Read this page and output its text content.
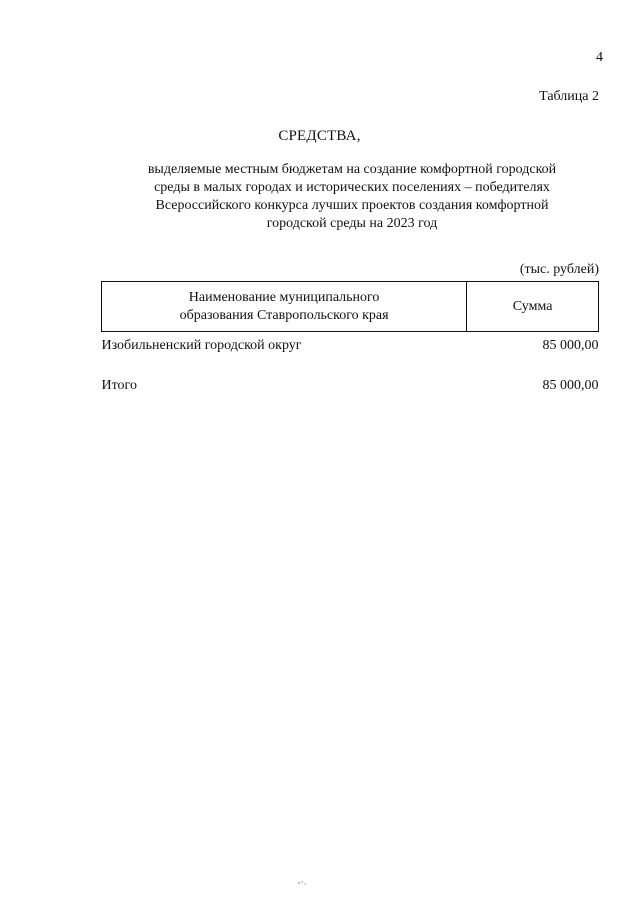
4
Таблица 2
СРЕДСТВА,
выделяемые местным бюджетам на создание комфортной городской
среды в малых городах и исторических поселениях – победителях
Всероссийского конкурса лучших проектов создания комфортной
городской среды на 2023 год
(тыс. рублей)
Наименование муниципального
образования Ставропольского края	Сумма
Изобильненский городской округ	85 000,00

Итого	85 000,00
